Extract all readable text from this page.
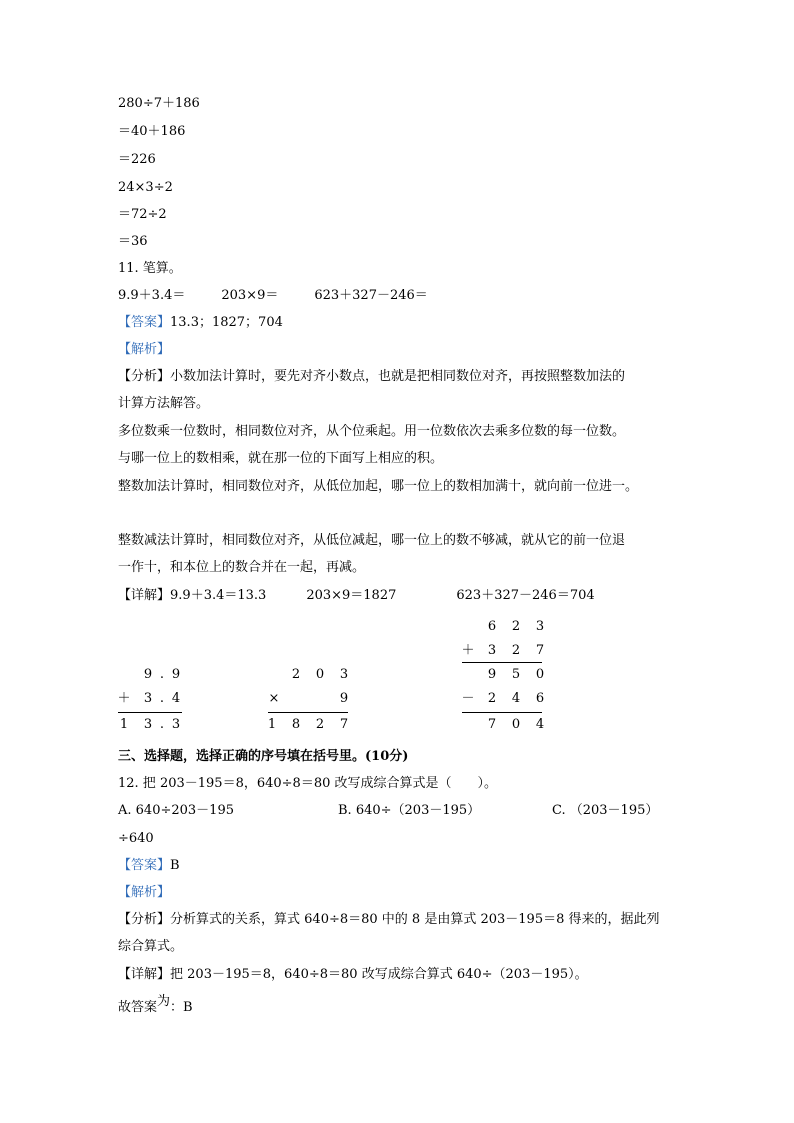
280÷7＋186
＝40＋186
＝226
24×3÷2
＝72÷2
＝36
11. 笔算。
9.9＋3.4＝	203×9＝	623＋327－246＝
【答案】13.3；1827；704
【解析】
【分析】小数加法计算时，要先对齐小数点，也就是把相同数位对齐，再按照整数加法的
计算方法解答。
多位数乘一位数时，相同数位对齐，从个位乘起。用一位数依次去乘多位数的每一位数。
与哪一位上的数相乘，就在那一位的下面写上相应的积。
整数加法计算时，相同数位对齐，从低位加起，哪一位上的数相加满十，就向前一位进一。
整数减法计算时，相同数位对齐，从低位减起，哪一位上的数不够减，就从它的前一位退
一作十，和本位上的数合并在一起，再减。
【详解】9.9＋3.4＝13.3	203×9＝1827	623＋327－246＝704
9 . 9
＋ 3 . 4
1 3 . 3
2 0 3
×	9
1 8 2 7
6 2 3
＋ 3 2 7
9 5 0
－ 2 4 6
7 0 4
三、选择题，选择正确的序号填在括号里。(10分)
12. 把 203－195＝8，640÷8＝80 改写成综合算式是（　　）。
A. 640÷203－195	B. 640÷（203－195）	C. （203－195）
÷640
【答案】B
【解析】
【分析】分析算式的关系，算式 640÷8＝80 中的 8 是由算式 203－195＝8 得来的，据此列
综合算式。
【详解】把 203－195＝8，640÷8＝80 改写成综合算式 640÷（203－195）。
故答案$^为$：B
